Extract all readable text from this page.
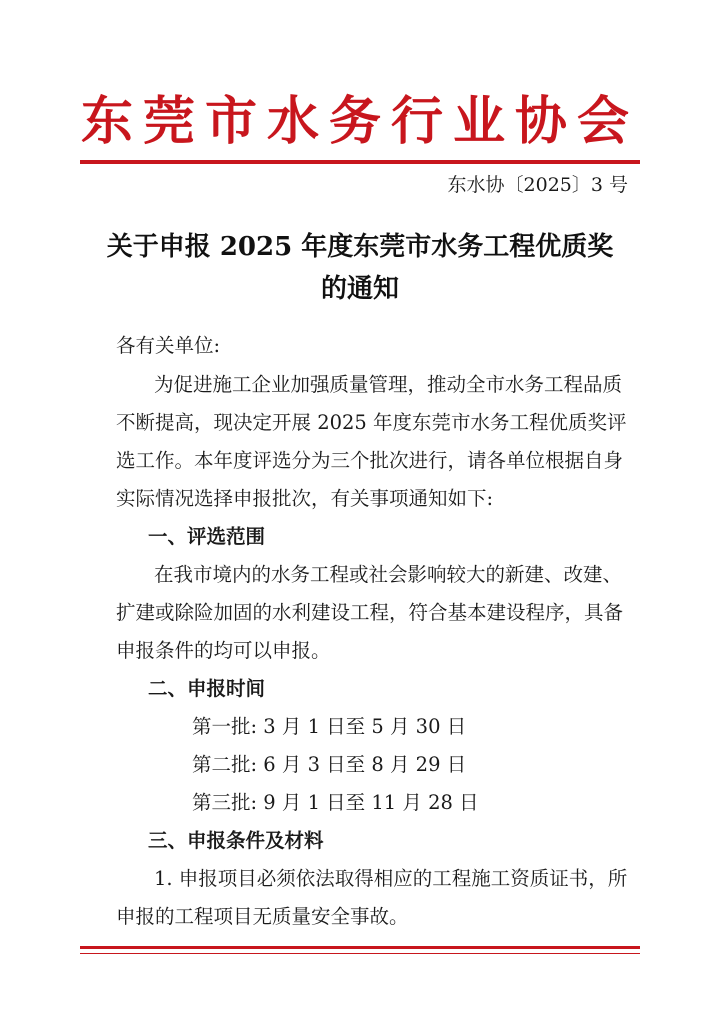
东莞市水务行业协会
东水协〔2025〕3 号
关于申报 2025 年度东莞市水务工程优质奖
的通知
各有关单位:
为促进施工企业加强质量管理，推动全市水务工程品质
不断提高，现决定开展 2025 年度东莞市水务工程优质奖评
选工作。本年度评选分为三个批次进行，请各单位根据自身
实际情况选择申报批次，有关事项通知如下:
一、评选范围
在我市境内的水务工程或社会影响较大的新建、改建、
扩建或除险加固的水利建设工程，符合基本建设程序，具备
申报条件的均可以申报。
二、申报时间
第一批: 3 月 1 日至 5 月 30 日
第二批: 6 月 3 日至 8 月 29 日
第三批: 9 月 1 日至 11 月 28 日
三、申报条件及材料
1. 申报项目必须依法取得相应的工程施工资质证书，所
申报的工程项目无质量安全事故。
